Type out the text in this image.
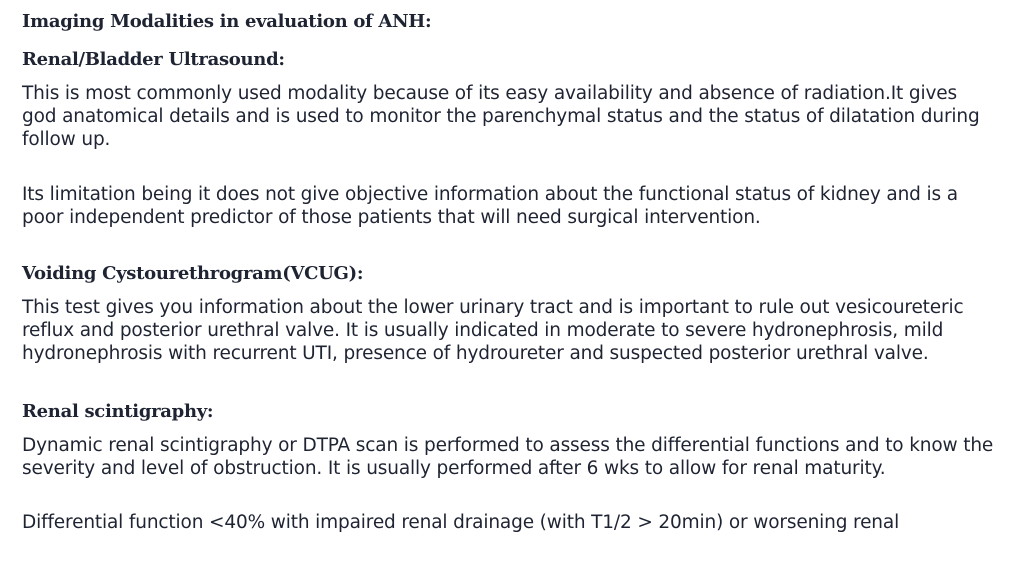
Imaging Modalities in evaluation of ANH:
Renal/Bladder Ultrasound:

This is most commonly used modality because of its easy availability and absence of radiation.It gives god anatomical details and is used to monitor the parenchymal status and the status of dilatation during follow up.

Its limitation being it does not give objective information about the functional status of kidney and is a poor independent predictor of those patients that will need surgical intervention.

Voiding Cystourethrogram(VCUG):

This test gives you information about the lower urinary tract and is important to rule out vesicoureteric reflux and posterior urethral valve. It is usually indicated in moderate to severe hydronephrosis, mild hydronephrosis with recurrent UTI, presence of hydroureter and suspected posterior urethral valve.

Renal scintigraphy:

Dynamic renal scintigraphy or DTPA scan is performed to assess the differential functions and to know the severity and level of obstruction. It is usually performed after 6 wks to allow for renal maturity.

Differential function <40% with impaired renal drainage (with T1/2 > 20min) or worsening renal
